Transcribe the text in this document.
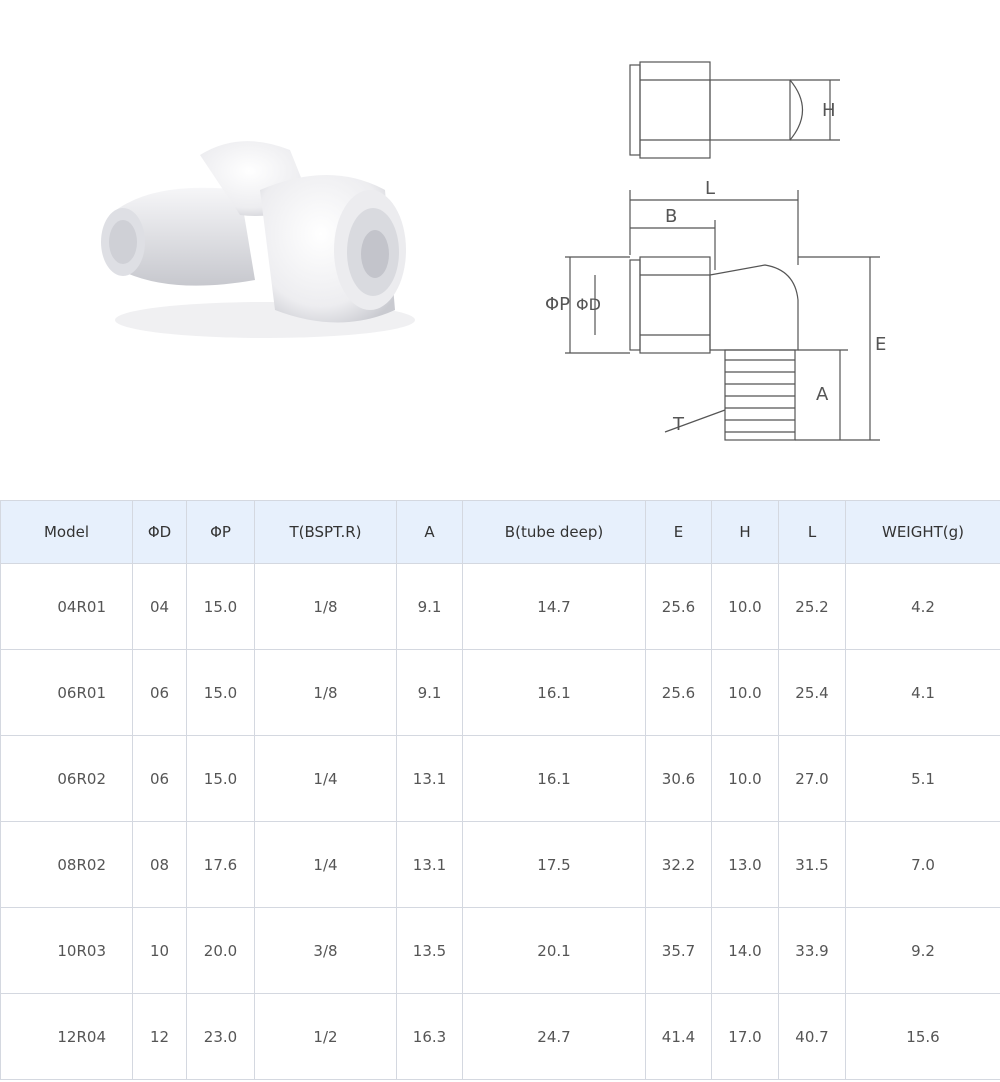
H
L
B
ΦP ΦD
E
A
T
Model	ΦD	ΦP	T(BSPT.R)	A	B(tube deep)	E	H	L	WEIGHT(g)
04R01	04	15.0	1/8	9.1	14.7	25.6	10.0	25.2	4.2
06R01	06	15.0	1/8	9.1	16.1	25.6	10.0	25.4	4.1
06R02	06	15.0	1/4	13.1	16.1	30.6	10.0	27.0	5.1
08R02	08	17.6	1/4	13.1	17.5	32.2	13.0	31.5	7.0
10R03	10	20.0	3/8	13.5	20.1	35.7	14.0	33.9	9.2
12R04	12	23.0	1/2	16.3	24.7	41.4	17.0	40.7	15.6
